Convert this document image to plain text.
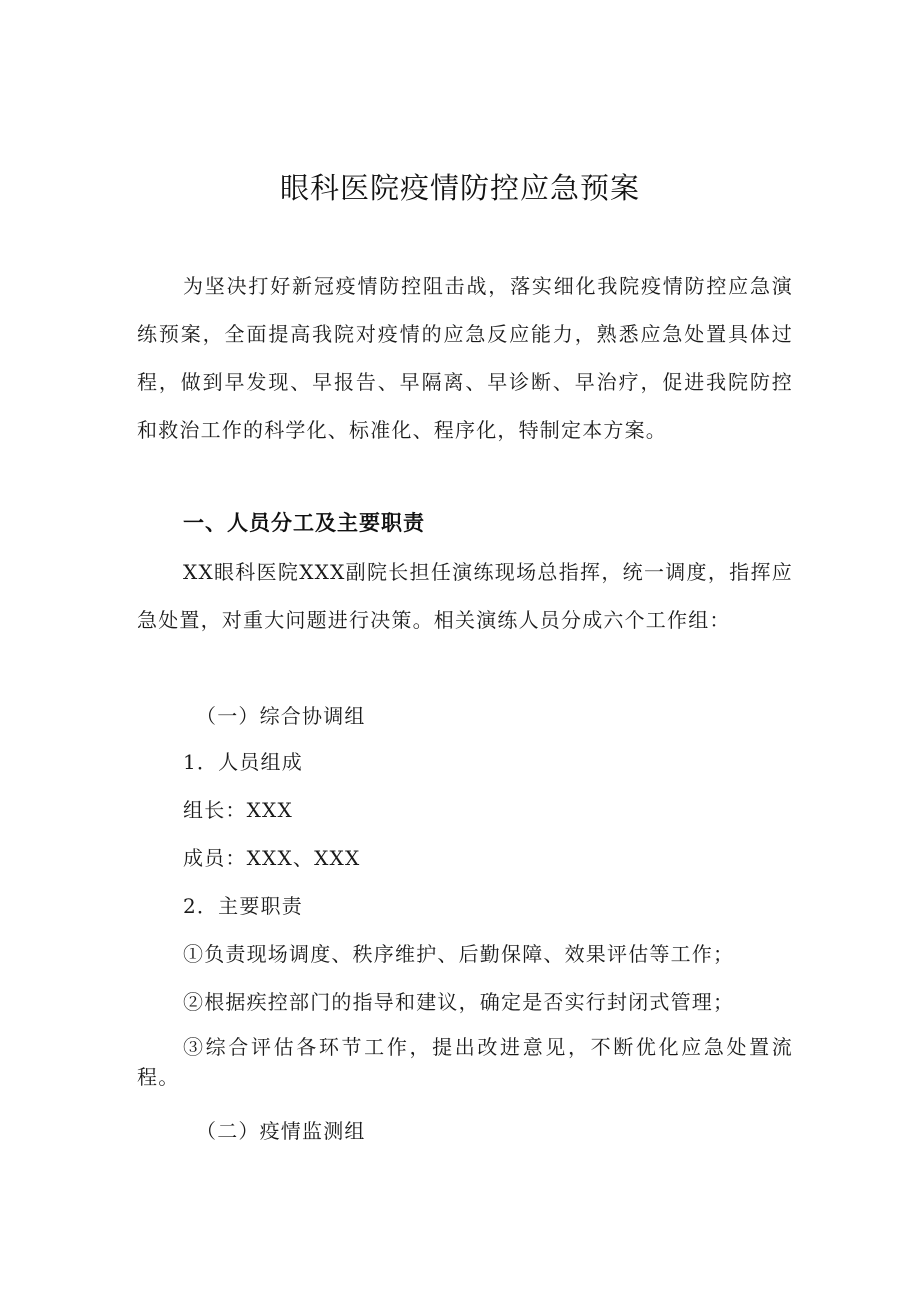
眼科医院疫情防控应急预案

为坚决打好新冠疫情防控阻击战，落实细化我院疫情防控应急演练预案，全面提高我院对疫情的应急反应能力，熟悉应急处置具体过程，做到早发现、早报告、早隔离、早诊断、早治疗，促进我院防控和救治工作的科学化、标准化、程序化，特制定本方案。

一、人员分工及主要职责

XX眼科医院XXX副院长担任演练现场总指挥，统一调度，指挥应急处置，对重大问题进行决策。相关演练人员分成六个工作组：

（一）综合协调组

1．人员组成

组长：XXX

成员：XXX、XXX

2．主要职责

①负责现场调度、秩序维护、后勤保障、效果评估等工作；

②根据疾控部门的指导和建议，确定是否实行封闭式管理；

③综合评估各环节工作，提出改进意见，不断优化应急处置流程。

（二）疫情监测组
